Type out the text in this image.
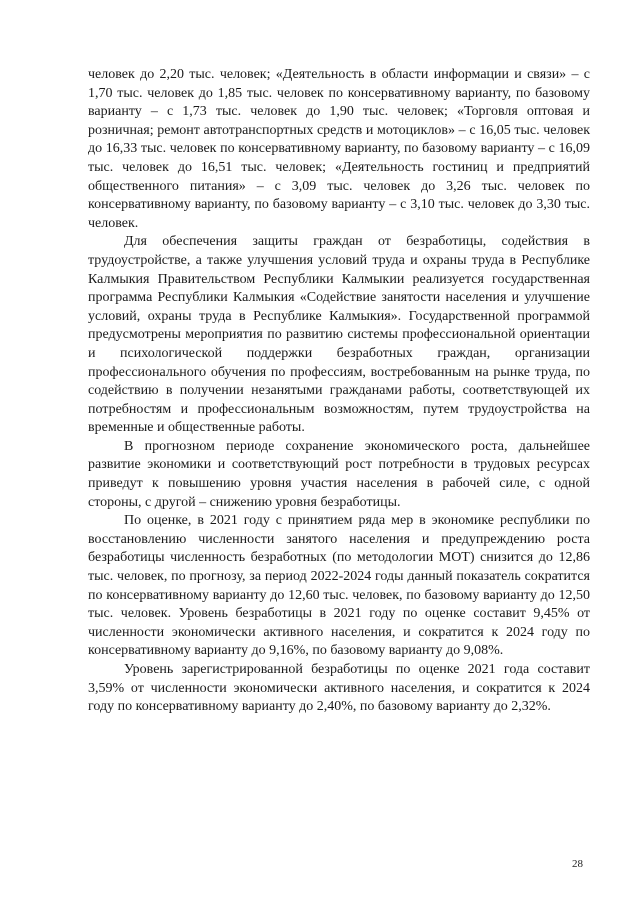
человек до 2,20 тыс. человек; «Деятельность в области информации и связи» – с 1,70 тыс. человек до 1,85 тыс. человек по консервативному варианту, по базовому варианту – с 1,73 тыс. человек до 1,90 тыс. человек; «Торговля оптовая и розничная; ремонт автотранспортных средств и мотоциклов» – с 16,05 тыс. человек до 16,33 тыс. человек по консервативному варианту, по базовому варианту – с 16,09 тыс. человек до 16,51 тыс. человек; «Деятельность гостиниц и предприятий общественного питания» – с 3,09 тыс. человек до 3,26 тыс. человек по консервативному варианту, по базовому варианту – с 3,10 тыс. человек до 3,30 тыс. человек.

Для обеспечения защиты граждан от безработицы, содействия в трудоустройстве, а также улучшения условий труда и охраны труда в Республике Калмыкия Правительством Республики Калмыкии реализуется государственная программа Республики Калмыкия «Содействие занятости населения и улучшение условий, охраны труда в Республике Калмыкия». Государственной программой предусмотрены мероприятия по развитию системы профессиональной ориентации и психологической поддержки безработных граждан, организации профессионального обучения по профессиям, востребованным на рынке труда, по содействию в получении незанятыми гражданами работы, соответствующей их потребностям и профессиональным возможностям, путем трудоустройства на временные и общественные работы.

В прогнозном периоде сохранение экономического роста, дальнейшее развитие экономики и соответствующий рост потребности в трудовых ресурсах приведут к повышению уровня участия населения в рабочей силе, с одной стороны, с другой – снижению уровня безработицы.

По оценке, в 2021 году с принятием ряда мер в экономике республики по восстановлению численности занятого населения и предупреждению роста безработицы численность безработных (по методологии МОТ) снизится до 12,86 тыс. человек, по прогнозу, за период 2022-2024 годы данный показатель сократится по консервативному варианту до 12,60 тыс. человек, по базовому варианту до 12,50 тыс. человек. Уровень безработицы в 2021 году по оценке составит 9,45% от численности экономически активного населения, и сократится к 2024 году по консервативному варианту до 9,16%, по базовому варианту до 9,08%.

Уровень зарегистрированной безработицы по оценке 2021 года составит 3,59% от численности экономически активного населения, и сократится к 2024 году по консервативному варианту до 2,40%, по базовому варианту до 2,32%.

28
